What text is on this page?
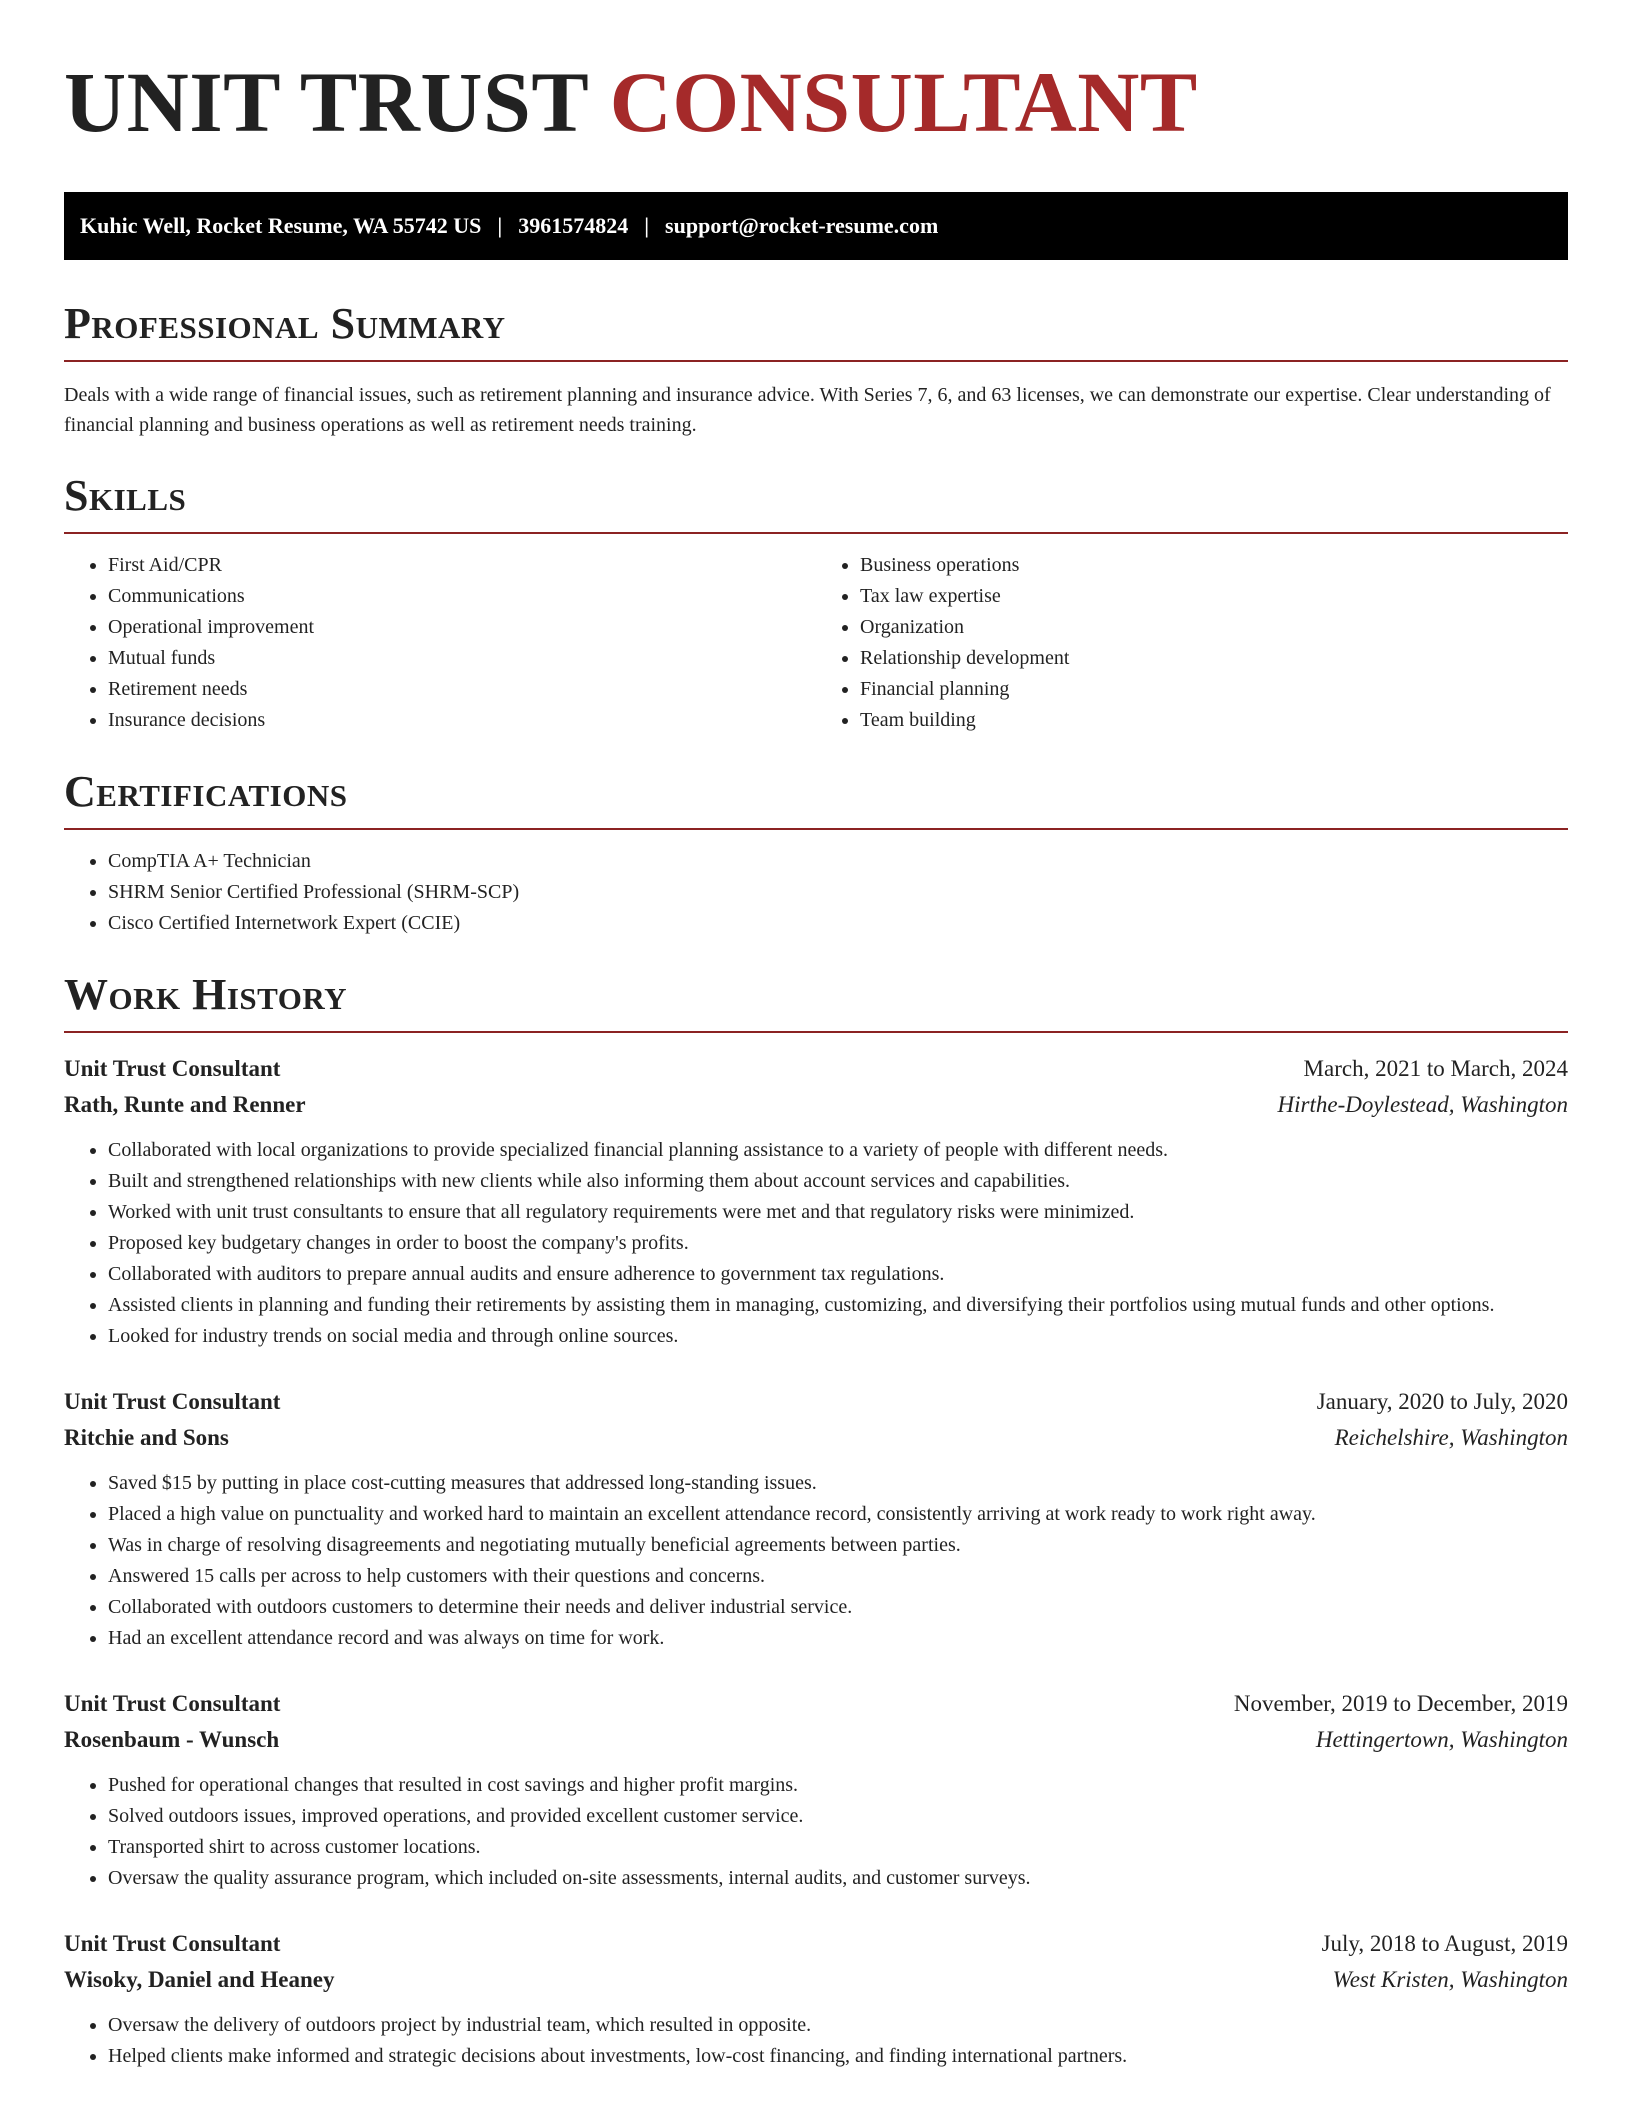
UNIT TRUST CONSULTANT
Kuhic Well, Rocket Resume, WA 55742 US | 3961574824 | support@rocket-resume.com
Professional Summary

Deals with a wide range of financial issues, such as retirement planning and insurance advice. With Series 7, 6, and 63 licenses, we can demonstrate our expertise. Clear understanding of financial planning and business operations as well as retirement needs training.

Skills
• First Aid/CPR
• Communications
• Operational improvement
• Mutual funds
• Retirement needs
• Insurance decisions
• Business operations
• Tax law expertise
• Organization
• Relationship development
• Financial planning
• Team building
Certifications
• CompTIA A+ Technician
• SHRM Senior Certified Professional (SHRM-SCP)
• Cisco Certified Internetwork Expert (CCIE)
Work History
Unit Trust Consultant	March, 2021 to March, 2024
Rath, Runte and Renner	Hirthe-Doylestead, Washington
• Collaborated with local organizations to provide specialized financial planning assistance to a variety of people with different needs.
• Built and strengthened relationships with new clients while also informing them about account services and capabilities.
• Worked with unit trust consultants to ensure that all regulatory requirements were met and that regulatory risks were minimized.
• Proposed key budgetary changes in order to boost the company's profits.
• Collaborated with auditors to prepare annual audits and ensure adherence to government tax regulations.
• Assisted clients in planning and funding their retirements by assisting them in managing, customizing, and diversifying their portfolios using mutual funds and other options.
• Looked for industry trends on social media and through online sources.
Unit Trust Consultant	January, 2020 to July, 2020
Ritchie and Sons	Reichelshire, Washington
• Saved $15 by putting in place cost-cutting measures that addressed long-standing issues.
• Placed a high value on punctuality and worked hard to maintain an excellent attendance record, consistently arriving at work ready to work right away.
• Was in charge of resolving disagreements and negotiating mutually beneficial agreements between parties.
• Answered 15 calls per across to help customers with their questions and concerns.
• Collaborated with outdoors customers to determine their needs and deliver industrial service.
• Had an excellent attendance record and was always on time for work.
Unit Trust Consultant	November, 2019 to December, 2019
Rosenbaum - Wunsch	Hettingertown, Washington
• Pushed for operational changes that resulted in cost savings and higher profit margins.
• Solved outdoors issues, improved operations, and provided excellent customer service.
• Transported shirt to across customer locations.
• Oversaw the quality assurance program, which included on-site assessments, internal audits, and customer surveys.
Unit Trust Consultant	July, 2018 to August, 2019
Wisoky, Daniel and Heaney	West Kristen, Washington
• Oversaw the delivery of outdoors project by industrial team, which resulted in opposite.
• Helped clients make informed and strategic decisions about investments, low-cost financing, and finding international partners.
